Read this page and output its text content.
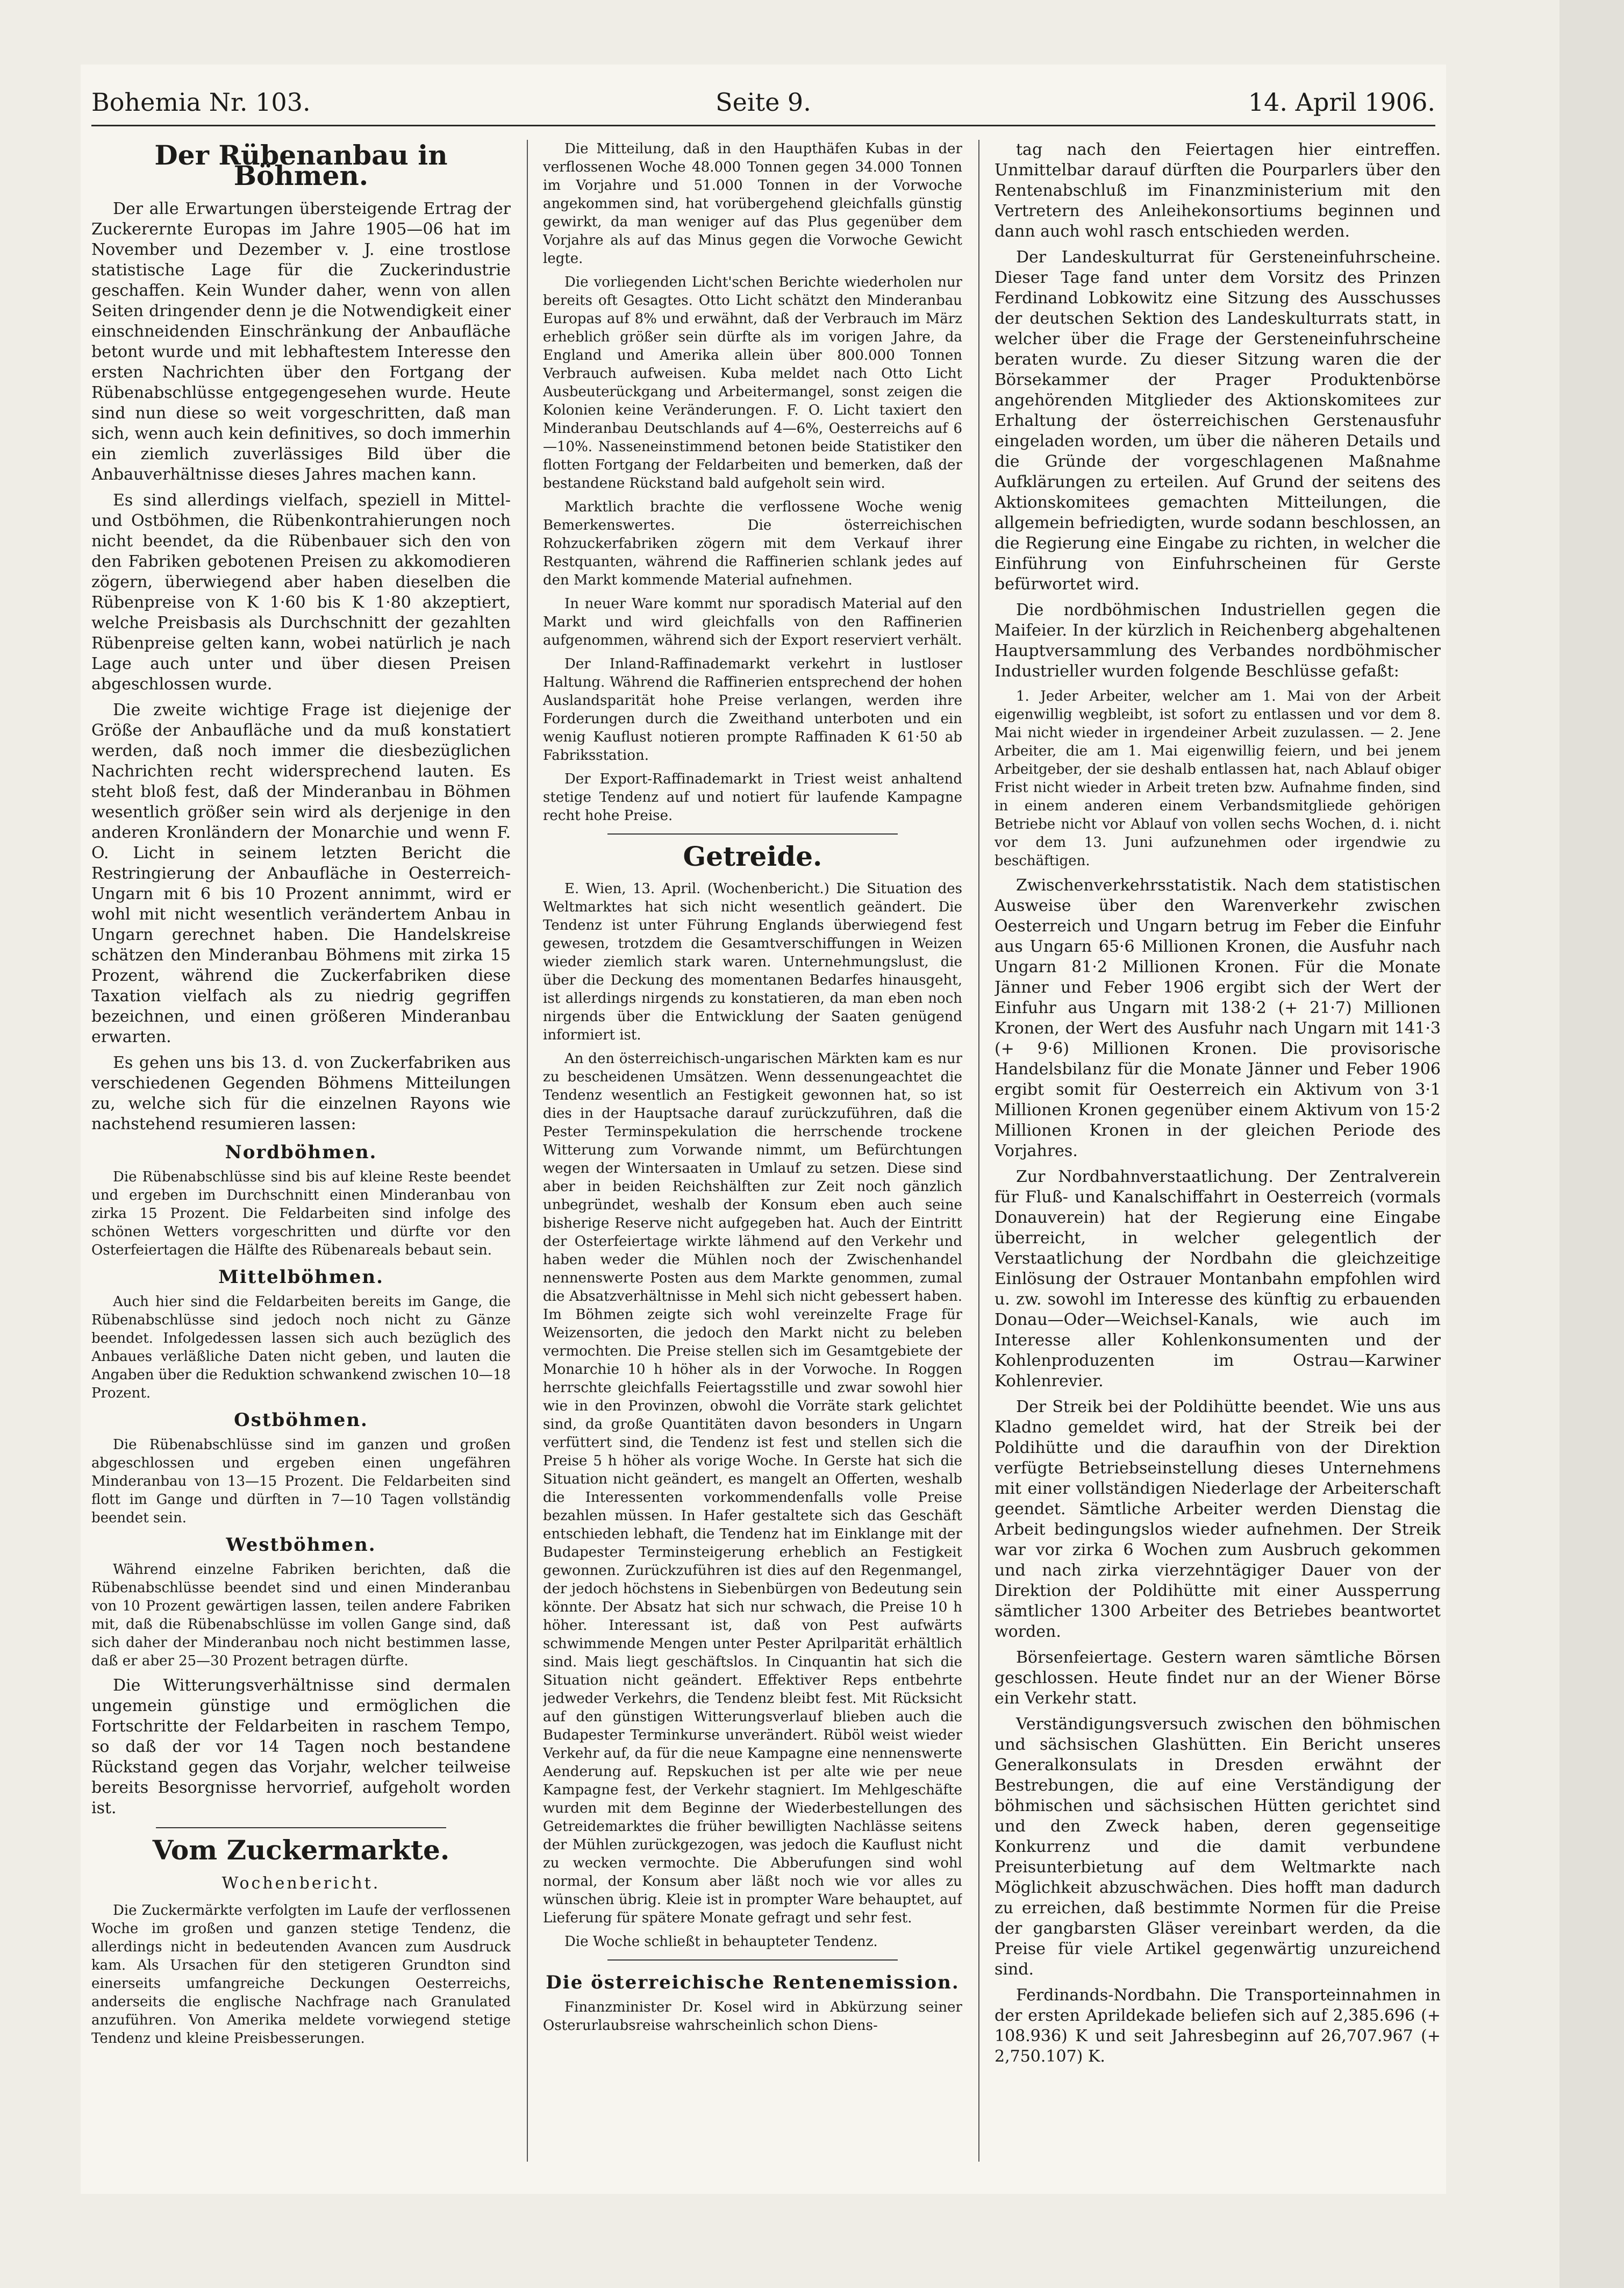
Bohemia Nr. 103.	Seite 9.	14. April 1906.
Der Rübenanbau in Böhmen.

Der alle Erwartungen übersteigende Ertrag der Zuckerernte Europas im Jahre 1905—06 hat im November und Dezember v. J. eine trostlose statistische Lage für die Zuckerindustrie geschaffen. Kein Wunder daher, wenn von allen Seiten dringender denn je die Notwendigkeit einer einschneidenden Einschränkung der Anbaufläche betont wurde und mit lebhaftestem Interesse den ersten Nachrichten über den Fortgang der Rübenabschlüsse entgegengesehen wurde. Heute sind nun diese so weit vorgeschritten, daß man sich, wenn auch kein definitives, so doch immerhin ein ziemlich zuverlässiges Bild über die Anbauverhältnisse dieses Jahres machen kann.

Es sind allerdings vielfach, speziell in Mittel- und Ostböhmen, die Rübenkontrahierungen noch nicht beendet, da die Rübenbauer sich den von den Fabriken gebotenen Preisen zu akkomodieren zögern, überwiegend aber haben dieselben die Rübenpreise von K 1·60 bis K 1·80 akzeptiert, welche Preisbasis als Durchschnitt der gezahlten Rübenpreise gelten kann, wobei natürlich je nach Lage auch unter und über diesen Preisen abgeschlossen wurde.

Die zweite wichtige Frage ist diejenige der Größe der Anbaufläche und da muß konstatiert werden, daß noch immer die diesbezüglichen Nachrichten recht widersprechend lauten. Es steht bloß fest, daß der Minderanbau in Böhmen wesentlich größer sein wird als derjenige in den anderen Kronländern der Monarchie und wenn F. O. Licht in seinem letzten Bericht die Restringierung der Anbaufläche in Oesterreich-Ungarn mit 6 bis 10 Prozent annimmt, wird er wohl mit nicht wesentlich verändertem Anbau in Ungarn gerechnet haben. Die Handelskreise schätzen den Minderanbau Böhmens mit zirka 15 Prozent, während die Zuckerfabriken diese Taxation vielfach als zu niedrig gegriffen bezeichnen, und einen größeren Minderanbau erwarten.

Es gehen uns bis 13. d. von Zuckerfabriken aus verschiedenen Gegenden Böhmens Mitteilungen zu, welche sich für die einzelnen Rayons wie nachstehend resumieren lassen:

Nordböhmen.

Die Rübenabschlüsse sind bis auf kleine Reste beendet und ergeben im Durchschnitt einen Minderanbau von zirka 15 Prozent. Die Feldarbeiten sind infolge des schönen Wetters vorgeschritten und dürfte vor den Osterfeiertagen die Hälfte des Rübenareals bebaut sein.

Mittelböhmen.

Auch hier sind die Feldarbeiten bereits im Gange, die Rübenabschlüsse sind jedoch noch nicht zu Gänze beendet. Infolgedessen lassen sich auch bezüglich des Anbaues verläßliche Daten nicht geben, und lauten die Angaben über die Reduktion schwankend zwischen 10—18 Prozent.

Ostböhmen.

Die Rübenabschlüsse sind im ganzen und großen abgeschlossen und ergeben einen ungefähren Minderanbau von 13—15 Prozent. Die Feldarbeiten sind flott im Gange und dürften in 7—10 Tagen vollständig beendet sein.

Westböhmen.

Während einzelne Fabriken berichten, daß die Rübenabschlüsse beendet sind und einen Minderanbau von 10 Prozent gewärtigen lassen, teilen andere Fabriken mit, daß die Rübenabschlüsse im vollen Gange sind, daß sich daher der Minderanbau noch nicht bestimmen lasse, daß er aber 25—30 Prozent betragen dürfte.

Die Witterungsverhältnisse sind dermalen ungemein günstige und ermöglichen die Fortschritte der Feldarbeiten in raschem Tempo, so daß der vor 14 Tagen noch bestandene Rückstand gegen das Vorjahr, welcher teilweise bereits Besorgnisse hervorrief, aufgeholt worden ist.

Vom Zuckermarkte.
Wochenbericht.

Die Zuckermärkte verfolgten im Laufe der verflossenen Woche im großen und ganzen stetige Tendenz, die allerdings nicht in bedeutenden Avancen zum Ausdruck kam. Als Ursachen für den stetigeren Grundton sind einerseits umfangreiche Deckungen Oesterreichs, anderseits die englische Nachfrage nach Granulated anzuführen. Von Amerika meldete vorwiegend stetige Tendenz und kleine Preisbesserungen.

Die Mitteilung, daß in den Haupthäfen Kubas in der verflossenen Woche 48.000 Tonnen gegen 34.000 Tonnen im Vorjahre und 51.000 Tonnen in der Vorwoche angekommen sind, hat vorübergehend gleichfalls günstig gewirkt, da man weniger auf das Plus gegenüber dem Vorjahre als auf das Minus gegen die Vorwoche Gewicht legte.

Die vorliegenden Licht'schen Berichte wiederholen nur bereits oft Gesagtes. Otto Licht schätzt den Minderanbau Europas auf 8% und erwähnt, daß der Verbrauch im März erheblich größer sein dürfte als im vorigen Jahre, da England und Amerika allein über 800.000 Tonnen Verbrauch aufweisen. Kuba meldet nach Otto Licht Ausbeuterückgang und Arbeitermangel, sonst zeigen die Kolonien keine Veränderungen. F. O. Licht taxiert den Minderanbau Deutschlands auf 4—6%, Oesterreichs auf 6—10%. Nasseneinstimmend betonen beide Statistiker den flotten Fortgang der Feldarbeiten und bemerken, daß der bestandene Rückstand bald aufgeholt sein wird.

Marktlich brachte die verflossene Woche wenig Bemerkenswertes. Die österreichischen Rohzuckerfabriken zögern mit dem Verkauf ihrer Restquanten, während die Raffinerien schlank jedes auf den Markt kommende Material aufnehmen.

In neuer Ware kommt nur sporadisch Material auf den Markt und wird gleichfalls von den Raffinerien aufgenommen, während sich der Export reserviert verhält.

Der Inland-Raffinademarkt verkehrt in lustloser Haltung. Während die Raffinerien entsprechend der hohen Auslandsparität hohe Preise verlangen, werden ihre Forderungen durch die Zweithand unterboten und ein wenig Kauflust notieren prompte Raffinaden K 61·50 ab Fabriksstation.

Der Export-Raffinademarkt in Triest weist anhaltend stetige Tendenz auf und notiert für laufende Kampagne recht hohe Preise.

Getreide.

E. Wien, 13. April. (Wochenbericht.) Die Situation des Weltmarktes hat sich nicht wesentlich geändert. Die Tendenz ist unter Führung Englands überwiegend fest gewesen, trotzdem die Gesamtverschiffungen in Weizen wieder ziemlich stark waren. Unternehmungslust, die über die Deckung des momentanen Bedarfes hinausgeht, ist allerdings nirgends zu konstatieren, da man eben noch nirgends über die Entwicklung der Saaten genügend informiert ist.

An den österreichisch-ungarischen Märkten kam es nur zu bescheidenen Umsätzen. Wenn dessenungeachtet die Tendenz wesentlich an Festigkeit gewonnen hat, so ist dies in der Hauptsache darauf zurückzuführen, daß die Pester Terminspekulation die herrschende trockene Witterung zum Vorwande nimmt, um Befürchtungen wegen der Wintersaaten in Umlauf zu setzen. Diese sind aber in beiden Reichshälften zur Zeit noch gänzlich unbegründet, weshalb der Konsum eben auch seine bisherige Reserve nicht aufgegeben hat. Auch der Eintritt der Osterfeiertage wirkte lähmend auf den Verkehr und haben weder die Mühlen noch der Zwischenhandel nennenswerte Posten aus dem Markte genommen, zumal die Absatzverhältnisse in Mehl sich nicht gebessert haben. Im Böhmen zeigte sich wohl vereinzelte Frage für Weizensorten, die jedoch den Markt nicht zu beleben vermochten. Die Preise stellen sich im Gesamtgebiete der Monarchie 10 h höher als in der Vorwoche. In Roggen herrschte gleichfalls Feiertagsstille und zwar sowohl hier wie in den Provinzen, obwohl die Vorräte stark gelichtet sind, da große Quantitäten davon besonders in Ungarn verfüttert sind, die Tendenz ist fest und stellen sich die Preise 5 h höher als vorige Woche. In Gerste hat sich die Situation nicht geändert, es mangelt an Offerten, weshalb die Interessenten vorkommendenfalls volle Preise bezahlen müssen. In Hafer gestaltete sich das Geschäft entschieden lebhaft, die Tendenz hat im Einklange mit der Budapester Terminsteigerung erheblich an Festigkeit gewonnen. Zurückzuführen ist dies auf den Regenmangel, der jedoch höchstens in Siebenbürgen von Bedeutung sein könnte. Der Absatz hat sich nur schwach, die Preise 10 h höher. Interessant ist, daß von Pest aufwärts schwimmende Mengen unter Pester Aprilparität erhältlich sind. Mais liegt geschäftslos. In Cinquantin hat sich die Situation nicht geändert. Effektiver Reps entbehrte jedweder Verkehrs, die Tendenz bleibt fest. Mit Rücksicht auf den günstigen Witterungsverlauf blieben auch die Budapester Terminkurse unverändert. Rüböl weist wieder Verkehr auf, da für die neue Kampagne eine nennenswerte Aenderung auf. Repskuchen ist per alte wie per neue Kampagne fest, der Verkehr stagniert. Im Mehlgeschäfte wurden mit dem Beginne der Wiederbestellungen des Getreidemarktes die früher bewilligten Nachlässe seitens der Mühlen zurückgezogen, was jedoch die Kauflust nicht zu wecken vermochte. Die Abberufungen sind wohl normal, der Konsum aber läßt noch wie vor alles zu wünschen übrig. Kleie ist in prompter Ware behauptet, auf Lieferung für spätere Monate gefragt und sehr fest.

Die Woche schließt in behaupteter Tendenz.

Die österreichische Rentenemission.

Finanzminister Dr. Kosel wird in Abkürzung seiner Osterurlaubsreise wahrscheinlich schon Diens-

tag nach den Feiertagen hier eintreffen. Unmittelbar darauf dürften die Pourparlers über den Rentenabschluß im Finanzministerium mit den Vertretern des Anleihekonsortiums beginnen und dann auch wohl rasch entschieden werden.

Der Landeskulturrat für Gersteneinfuhrscheine. Dieser Tage fand unter dem Vorsitz des Prinzen Ferdinand Lobkowitz eine Sitzung des Ausschusses der deutschen Sektion des Landeskulturrats statt, in welcher über die Frage der Gersteneinfuhrscheine beraten wurde. Zu dieser Sitzung waren die der Börsekammer der Prager Produktenbörse angehörenden Mitglieder des Aktionskomitees zur Erhaltung der österreichischen Gerstenausfuhr eingeladen worden, um über die näheren Details und die Gründe der vorgeschlagenen Maßnahme Aufklärungen zu erteilen. Auf Grund der seitens des Aktionskomitees gemachten Mitteilungen, die allgemein befriedigten, wurde sodann beschlossen, an die Regierung eine Eingabe zu richten, in welcher die Einführung von Einfuhrscheinen für Gerste befürwortet wird.

Die nordböhmischen Industriellen gegen die Maifeier. In der kürzlich in Reichenberg abgehaltenen Hauptversammlung des Verbandes nordböhmischer Industrieller wurden folgende Beschlüsse gefaßt:

1. Jeder Arbeiter, welcher am 1. Mai von der Arbeit eigenwillig wegbleibt, ist sofort zu entlassen und vor dem 8. Mai nicht wieder in irgendeiner Arbeit zuzulassen. — 2. Jene Arbeiter, die am 1. Mai eigenwillig feiern, und bei jenem Arbeitgeber, der sie deshalb entlassen hat, nach Ablauf obiger Frist nicht wieder in Arbeit treten bzw. Aufnahme finden, sind in einem anderen einem Verbandsmitgliede gehörigen Betriebe nicht vor Ablauf von vollen sechs Wochen, d. i. nicht vor dem 13. Juni aufzunehmen oder irgendwie zu beschäftigen.

Zwischenverkehrsstatistik. Nach dem statistischen Ausweise über den Warenverkehr zwischen Oesterreich und Ungarn betrug im Feber die Einfuhr aus Ungarn 65·6 Millionen Kronen, die Ausfuhr nach Ungarn 81·2 Millionen Kronen. Für die Monate Jänner und Feber 1906 ergibt sich der Wert der Einfuhr aus Ungarn mit 138·2 (+ 21·7) Millionen Kronen, der Wert des Ausfuhr nach Ungarn mit 141·3 (+ 9·6) Millionen Kronen. Die provisorische Handelsbilanz für die Monate Jänner und Feber 1906 ergibt somit für Oesterreich ein Aktivum von 3·1 Millionen Kronen gegenüber einem Aktivum von 15·2 Millionen Kronen in der gleichen Periode des Vorjahres.

Zur Nordbahnverstaatlichung. Der Zentralverein für Fluß- und Kanalschiffahrt in Oesterreich (vormals Donauverein) hat der Regierung eine Eingabe überreicht, in welcher gelegentlich der Verstaatlichung der Nordbahn die gleichzeitige Einlösung der Ostrauer Montanbahn empfohlen wird u. zw. sowohl im Interesse des künftig zu erbauenden Donau—Oder—Weichsel-Kanals, wie auch im Interesse aller Kohlenkonsumenten und der Kohlenproduzenten im Ostrau—Karwiner Kohlenrevier.

Der Streik bei der Poldihütte beendet. Wie uns aus Kladno gemeldet wird, hat der Streik bei der Poldihütte und die daraufhin von der Direktion verfügte Betriebseinstellung dieses Unternehmens mit einer vollständigen Niederlage der Arbeiterschaft geendet. Sämtliche Arbeiter werden Dienstag die Arbeit bedingungslos wieder aufnehmen. Der Streik war vor zirka 6 Wochen zum Ausbruch gekommen und nach zirka vierzehntägiger Dauer von der Direktion der Poldihütte mit einer Aussperrung sämtlicher 1300 Arbeiter des Betriebes beantwortet worden.

Börsenfeiertage. Gestern waren sämtliche Börsen geschlossen. Heute findet nur an der Wiener Börse ein Verkehr statt.

Verständigungsversuch zwischen den böhmischen und sächsischen Glashütten. Ein Bericht unseres Generalkonsulats in Dresden erwähnt der Bestrebungen, die auf eine Verständigung der böhmischen und sächsischen Hütten gerichtet sind und den Zweck haben, deren gegenseitige Konkurrenz und die damit verbundene Preisunterbietung auf dem Weltmarkte nach Möglichkeit abzuschwächen. Dies hofft man dadurch zu erreichen, daß bestimmte Normen für die Preise der gangbarsten Gläser vereinbart werden, da die Preise für viele Artikel gegenwärtig unzureichend sind.

Ferdinands-Nordbahn. Die Transporteinnahmen in der ersten Aprildekade beliefen sich auf 2,385.696 (+ 108.936) K und seit Jahresbeginn auf 26,707.967 (+ 2,750.107) K.
